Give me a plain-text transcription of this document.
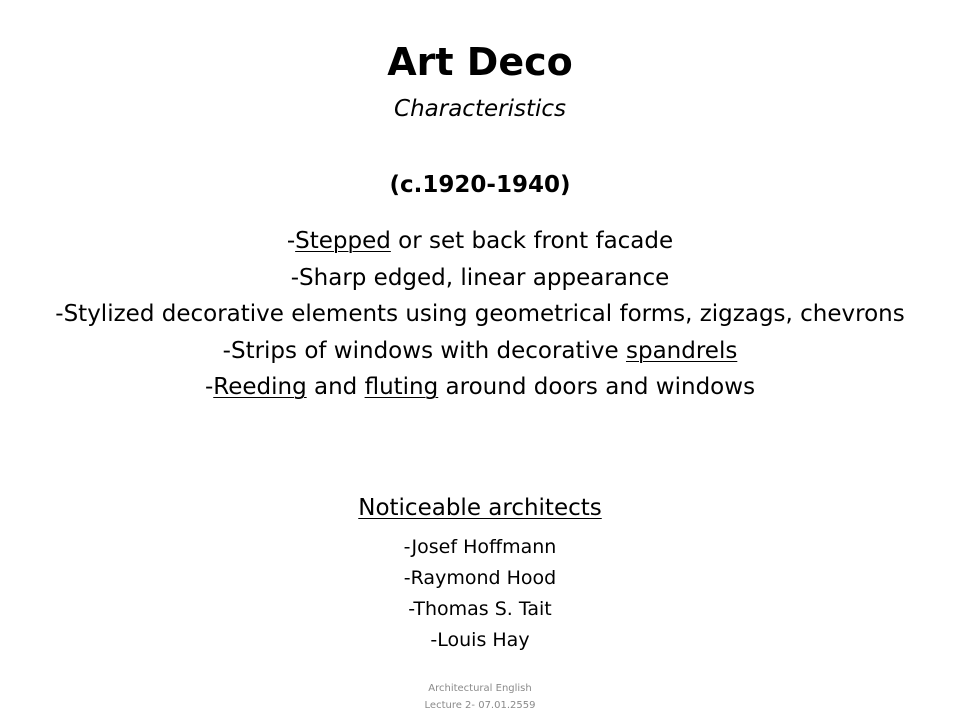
Art Deco
Characteristics
(c.1920-1940)
-Stepped or set back front facade
-Sharp edged, linear appearance
-Stylized decorative elements using geometrical forms, zigzags, chevrons
-Strips of windows with decorative spandrels
-Reeding and fluting around doors and windows
Noticeable architects
-Josef Hoffmann
-Raymond Hood
-Thomas S. Tait
-Louis Hay
Architectural English
Lecture 2- 07.01.2559
